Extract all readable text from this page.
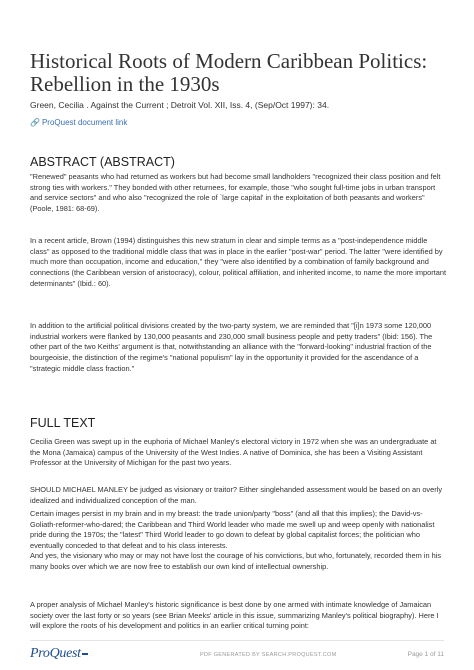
Historical Roots of Modern Caribbean Politics: Rebellion in the 1930s
Green, Cecilia . Against the Current ; Detroit Vol. XII, Iss. 4, (Sep/Oct 1997): 34.
🔗 ProQuest document link
ABSTRACT (ABSTRACT)

"Renewed" peasants who had returned as workers but had become small landholders "recognized their class position and felt strong ties with workers." They bonded with other returnees, for example, those "who sought full-time jobs in urban transport and service sectors" and who also "recognized the role of `large capital' in the exploitation of both peasants and workers" (Poole, 1981: 68-69).

In a recent article, Brown (1994) distinguishes this new stratum in clear and simple terms as a "post-independence middle class" as opposed to the traditional middle class that was in place in the earlier "post-war" period. The latter "were identified by much more than occupation, income and education," they "were also identified by a combination of family background and connections (the Caribbean version of aristocracy), colour, political affiliation, and inherited income, to name the more important determinants" (Ibid.: 60).

In addition to the artificial political divisions created by the two-party system, we are reminded that "[i]n 1973 some 120,000 industrial workers were flanked by 130,000 peasants and 230,000 small business people and petty traders" (Ibid: 156). The other part of the two Keiths' argument is that, notwithstanding an alliance with the "forward-looking" industrial fraction of the bourgeoisie, the distinction of the regime's "national populism" lay in the opportunity it provided for the ascendance of a "strategic middle class fraction."

FULL TEXT

Cecilia Green was swept up in the euphoria of Michael Manley's electoral victory in 1972 when she was an undergraduate at the Mona (Jamaica) campus of the University of the West Indies. A native of Dominica, she has been a Visiting Assistant Professor at the University of Michigan for the past two years.

SHOULD MICHAEL MANLEY be judged as visionary or traitor? Either singlehanded assessment would be based on an overly idealized and individualized conception of the man.

Certain images persist in my brain and in my breast: the trade union/party "boss" (and all that this implies); the David-vs-Goliath-reformer-who-dared; the Caribbean and Third World leader who made me swell up and weep openly with nationalist pride during the 1970s; the "latest" Third World leader to go down to defeat by global capitalist forces; the politician who eventually conceded to that defeat and to his class interests.

And yes, the visionary who may or may not have lost the courage of his convictions, but who, fortunately, recorded them in his many books over which we are now free to establish our own kind of intellectual ownership.

A proper analysis of Michael Manley's historic significance is best done by one armed with intimate knowledge of Jamaican society over the last forty or so years (see Brian Meeks' article in this issue, summarizing Manley's political biography). Here I will explore the roots of his development and politics in an earlier critical turning point:

ProQuest	PDF GENERATED BY SEARCH.PROQUEST.COM	Page 1 of 11
